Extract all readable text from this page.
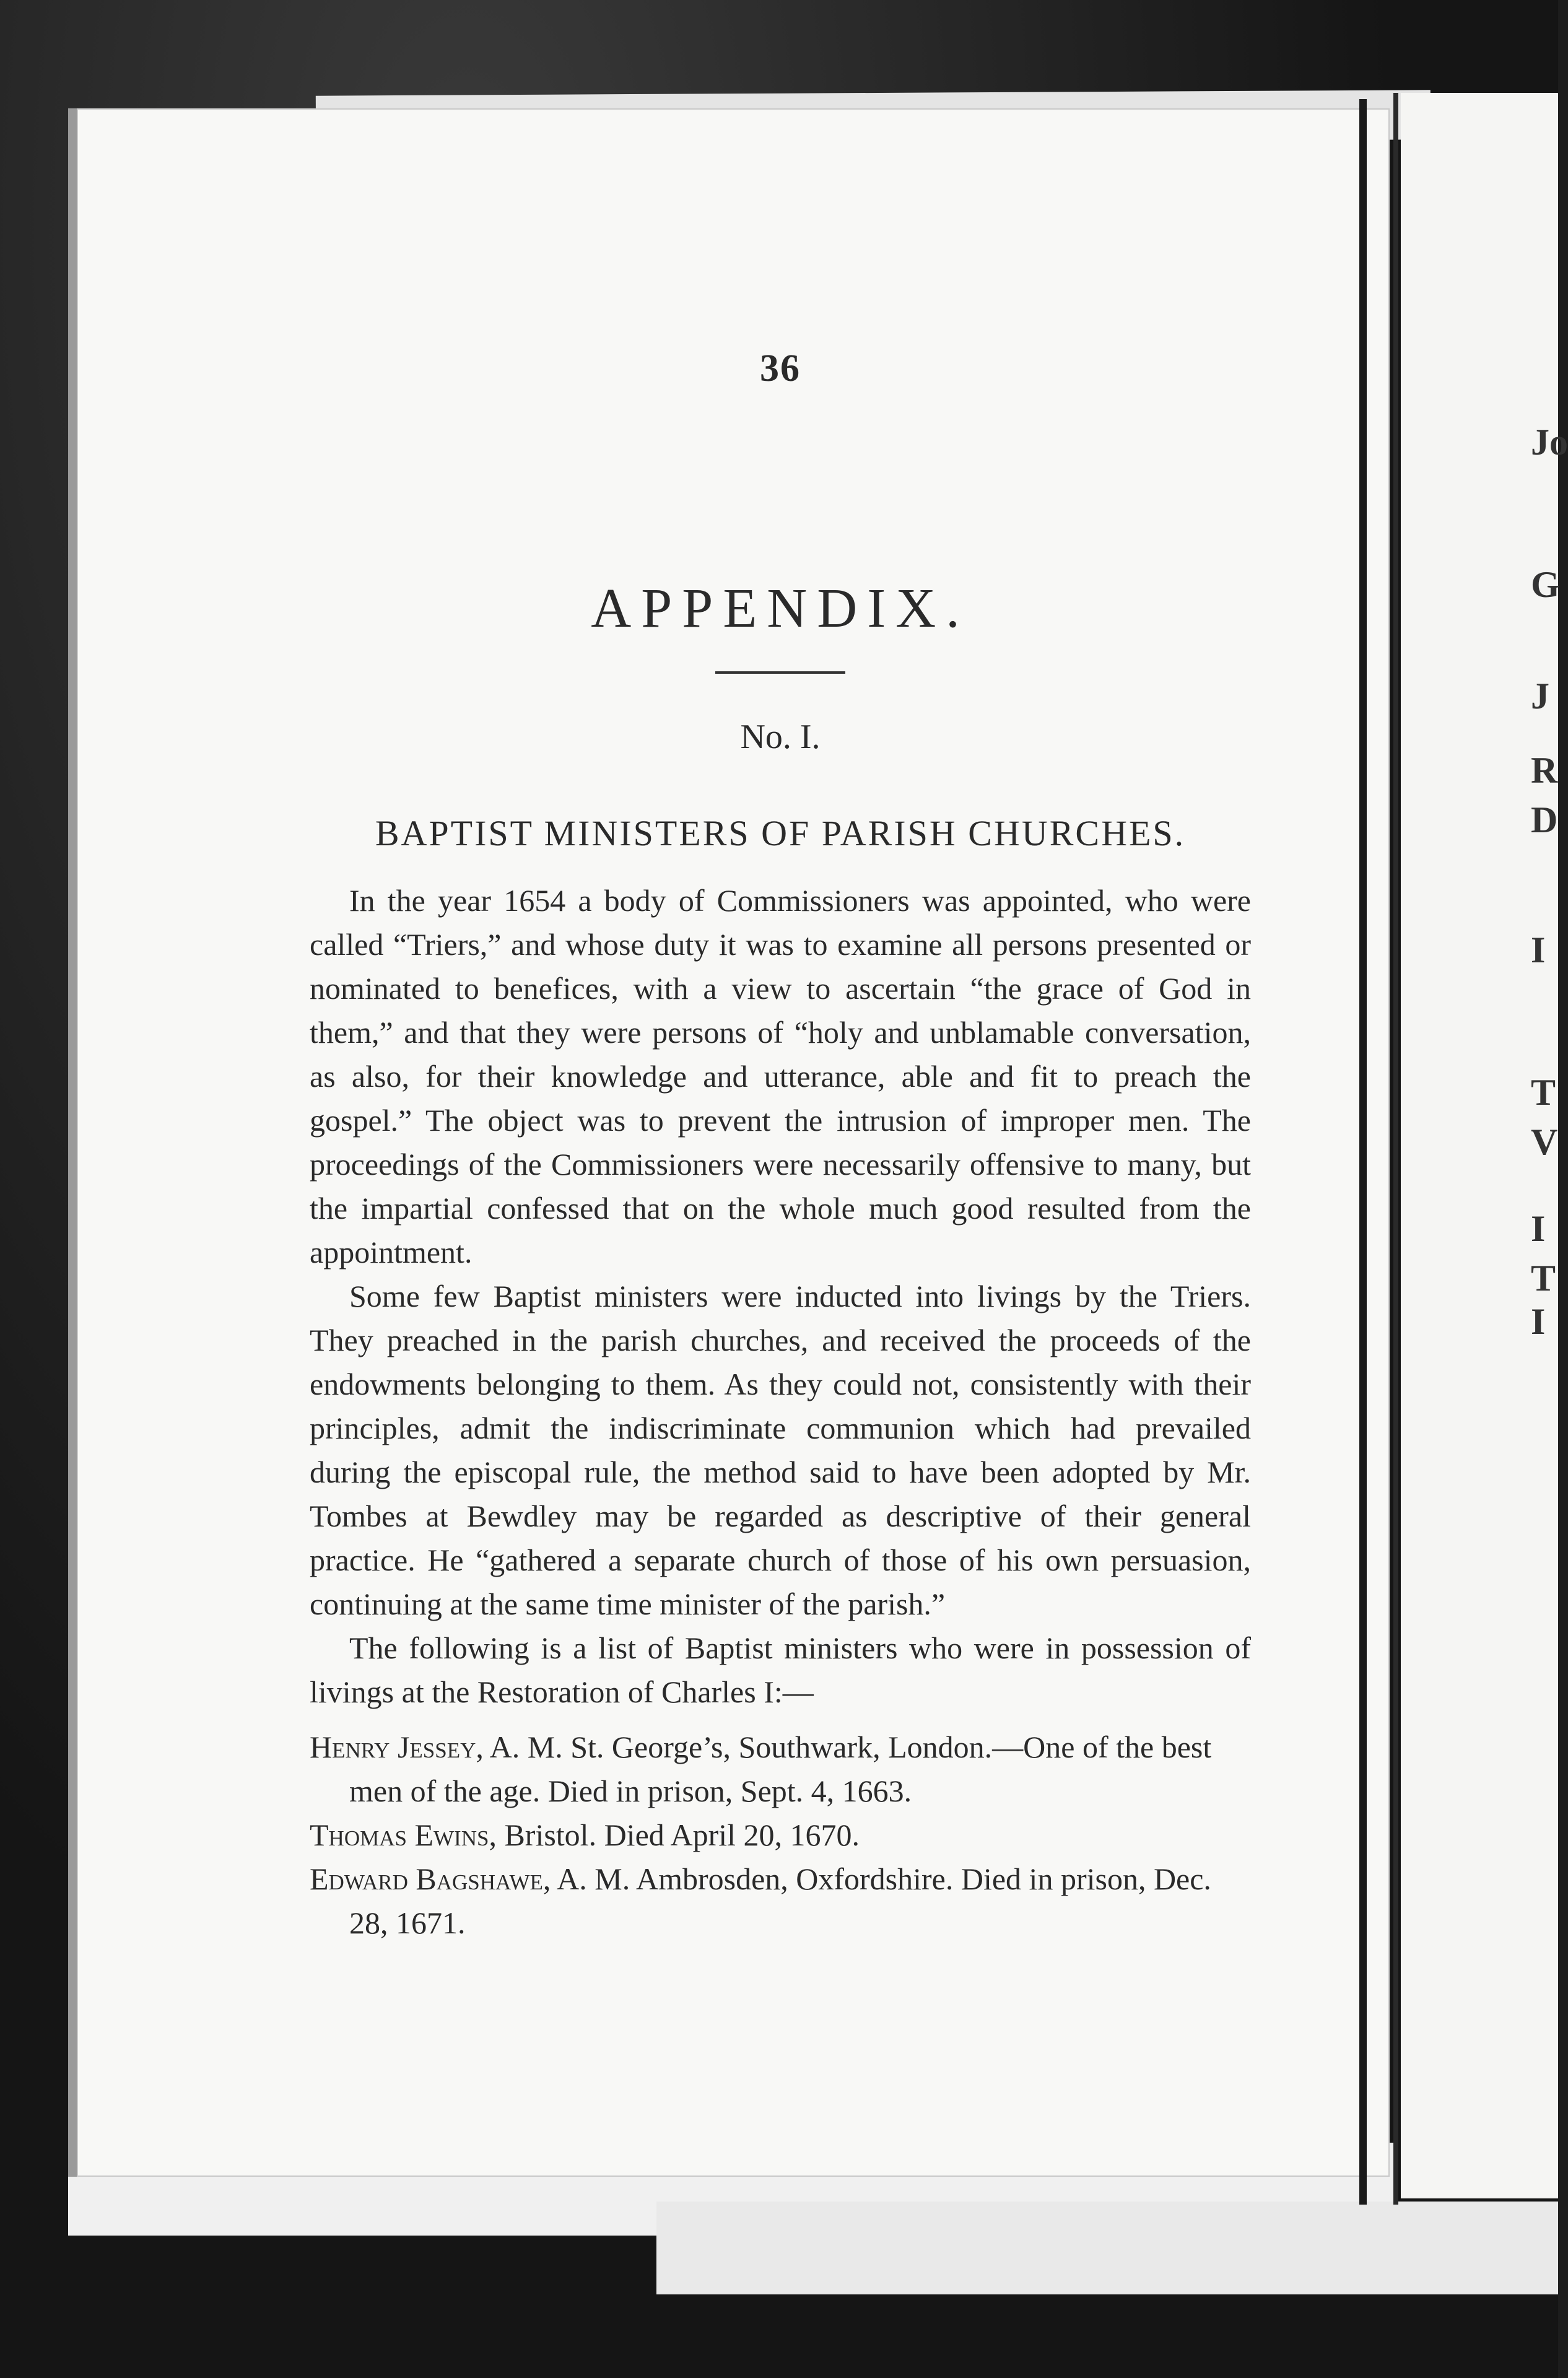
Jo
G
J
R
D
I
T
V
I
T
I
36
APPENDIX.
No. I.
BAPTIST MINISTERS OF PARISH CHURCHES.

In the year 1654 a body of Commissioners was appointed, who were called “Triers,” and whose duty it was to examine all persons presented or nominated to benefices, with a view to ascertain “the grace of God in them,” and that they were persons of “holy and unblamable conversation, as also, for their knowledge and utterance, able and fit to preach the gospel.” The object was to prevent the intrusion of improper men. The proceedings of the Commissioners were necessarily offensive to many, but the impartial confessed that on the whole much good resulted from the appointment.

Some few Baptist ministers were inducted into livings by the Triers. They preached in the parish churches, and received the proceeds of the endowments belonging to them. As they could not, consistently with their principles, admit the indiscriminate communion which had prevailed during the episcopal rule, the method said to have been adopted by Mr. Tombes at Bewdley may be regarded as descriptive of their general practice. He “gathered a separate church of those of his own persuasion, continuing at the same time minister of the parish.”

The following is a list of Baptist ministers who were in possession of livings at the Restoration of Charles I:—

Henry Jessey, A. M. St. George’s, Southwark, London.—One of the best men of the age. Died in prison, Sept. 4, 1663.

Thomas Ewins, Bristol. Died April 20, 1670.

Edward Bagshawe, A. M. Ambrosden, Oxfordshire. Died in prison, Dec. 28, 1671.
